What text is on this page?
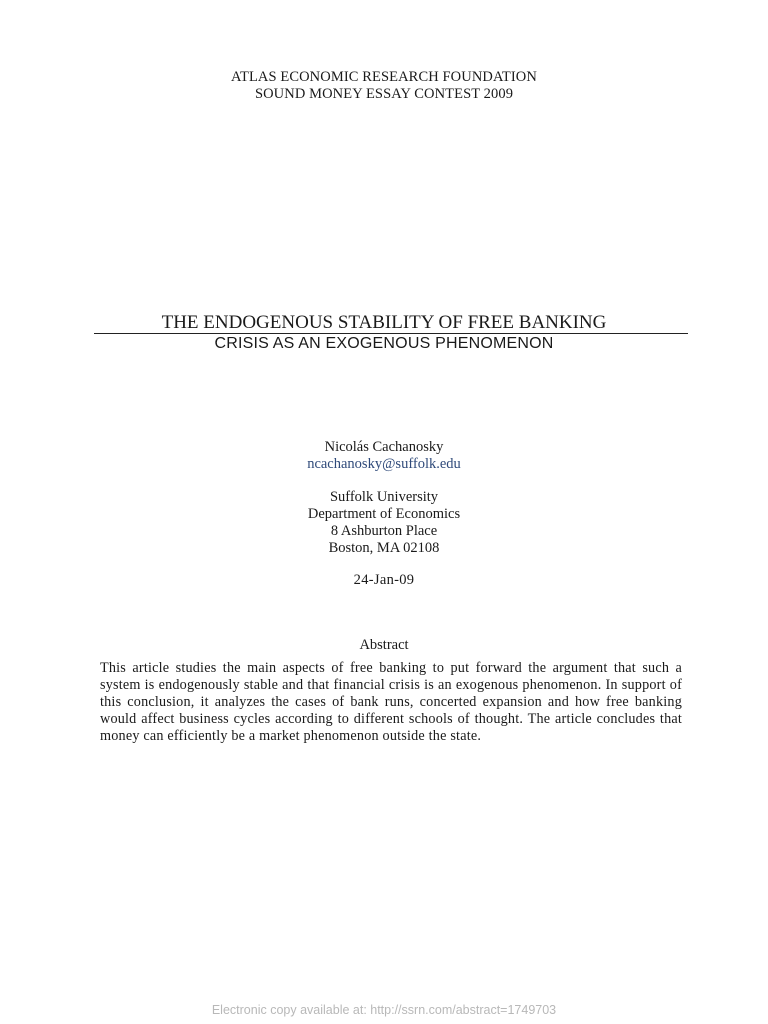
ATLAS ECONOMIC RESEARCH FOUNDATION
SOUND MONEY ESSAY CONTEST 2009
THE ENDOGENOUS STABILITY OF FREE BANKING
CRISIS AS AN EXOGENOUS PHENOMENON
Nicolás Cachanosky
ncachanosky@suffolk.edu
Suffolk University
Department of Economics
8 Ashburton Place
Boston, MA 02108
24-Jan-09
Abstract
This article studies the main aspects of free banking to put forward the argument that such a system is endogenously stable and that financial crisis is an exogenous phenomenon. In support of this conclusion, it analyzes the cases of bank runs, concerted expansion and how free banking would affect business cycles according to different schools of thought. The article concludes that money can efficiently be a market phenomenon outside the state.
Electronic copy available at: http://ssrn.com/abstract=1749703
